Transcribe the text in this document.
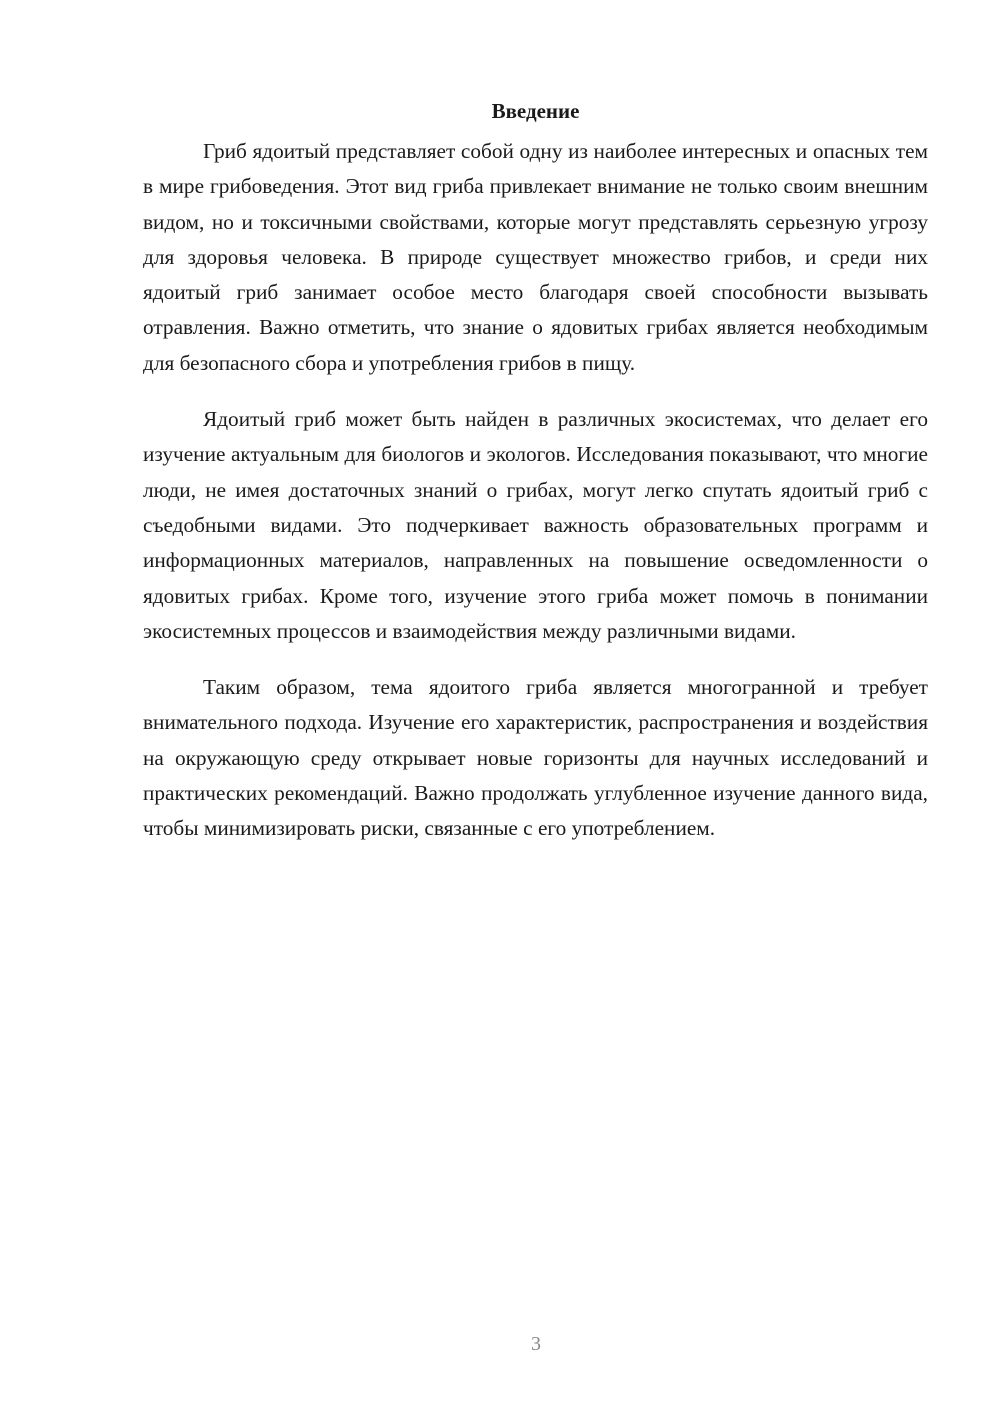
Введение

Гриб ядоитый представляет собой одну из наиболее интересных и опасных тем в мире грибоведения. Этот вид гриба привлекает внимание не только своим внешним видом, но и токсичными свойствами, которые могут представлять серьезную угрозу для здоровья человека. В природе существует множество грибов, и среди них ядоитый гриб занимает особое место благодаря своей способности вызывать отравления. Важно отметить, что знание о ядовитых грибах является необходимым для безопасного сбора и употребления грибов в пищу.

Ядоитый гриб может быть найден в различных экосистемах, что делает его изучение актуальным для биологов и экологов. Исследования показывают, что многие люди, не имея достаточных знаний о грибах, могут легко спутать ядоитый гриб с съедобными видами. Это подчеркивает важность образовательных программ и информационных материалов, направленных на повышение осведомленности о ядовитых грибах. Кроме того, изучение этого гриба может помочь в понимании экосистемных процессов и взаимодействия между различными видами.

Таким образом, тема ядоитого гриба является многогранной и требует внимательного подхода. Изучение его характеристик, распространения и воздействия на окружающую среду открывает новые горизонты для научных исследований и практических рекомендаций. Важно продолжать углубленное изучение данного вида, чтобы минимизировать риски, связанные с его употреблением.

3
